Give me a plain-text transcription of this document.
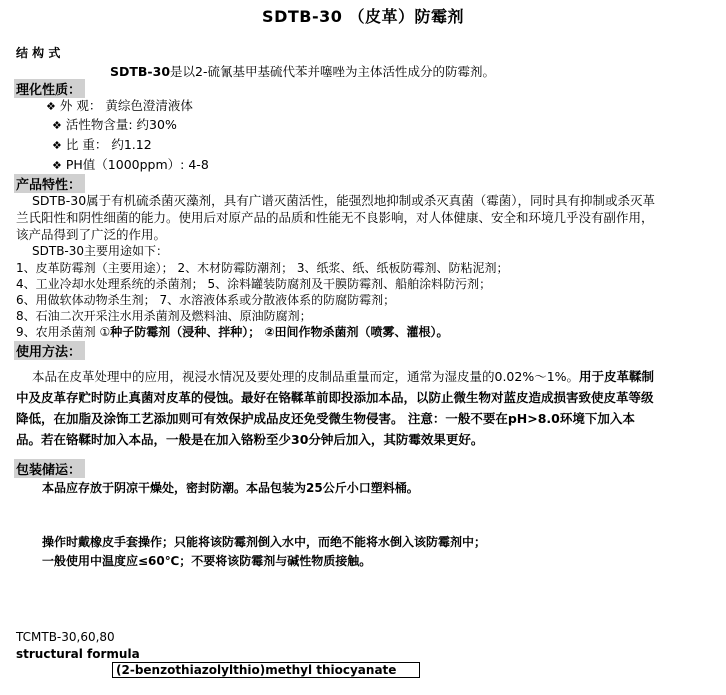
SDTB-30 （皮革）防霉剂
结 构 式
SDTB-30是以2-硫氰基甲基硫代苯并噻唑为主体活性成分的防霉剂。
理化性质：
❖ 外 观： 黄综色澄清液体
❖ 活性物含量: 约30%
❖ 比 重： 约1.12
❖ PH值（1000ppm）: 4-8
产品特性：
SDTB-30属于有机硫杀菌灭藻剂，具有广谱灭菌活性，能强烈地抑制或杀灭真菌（霉菌），同时具有抑制或杀灭革兰氏阳性和阴性细菌的能力。使用后对原产品的品质和性能无不良影响，对人体健康、安全和环境几乎没有副作用，该产品得到了广泛的作用。
SDTB-30主要用途如下：
1、皮革防霉剂（主要用途）； 2、木材防霉防潮剂； 3、纸浆、纸、纸板防霉剂、防粘泥剂；
4、工业冷却水处理系统的杀菌剂； 5、涂料罐装防腐剂及干膜防霉剂、船舶涂料防污剂；
6、用做软体动物杀生剂； 7、水溶液体系或分散液体系的防腐防霉剂；
8、石油二次开采注水用杀菌剂及燃料油、原油防腐剂；
9、农用杀菌剂 ①种子防霉剂（浸种、拌种）； ②田间作物杀菌剂（喷雾、灌根）。
使用方法：
本品在皮革处理中的应用，视浸水情况及要处理的皮制品重量而定，通常为湿皮量的0.02%～1%。用于皮革鞣制中及皮革存贮时防止真菌对皮革的侵蚀。最好在铬鞣革前即投添加本品，以防止微生物对蓝皮造成损害致使皮革等级降低，在加脂及涂饰工艺添加则可有效保护成品皮还免受微生物侵害。 注意：一般不要在pH>8.0环境下加入本品。若在铬鞣时加入本品，一般是在加入铬粉至少30分钟后加入，其防霉效果更好。
包装储运：
本品应存放于阴凉干燥处，密封防潮。本品包装为25公斤小口塑料桶。
操作时戴橡皮手套操作；只能将该防霉剂倒入水中，而绝不能将水倒入该防霉剂中；
一般使用中温度应≤60℃；不要将该防霉剂与碱性物质接触。
TCMTB-30,60,80
structural formula
(2-benzothiazolylthio)methyl thiocyanate
